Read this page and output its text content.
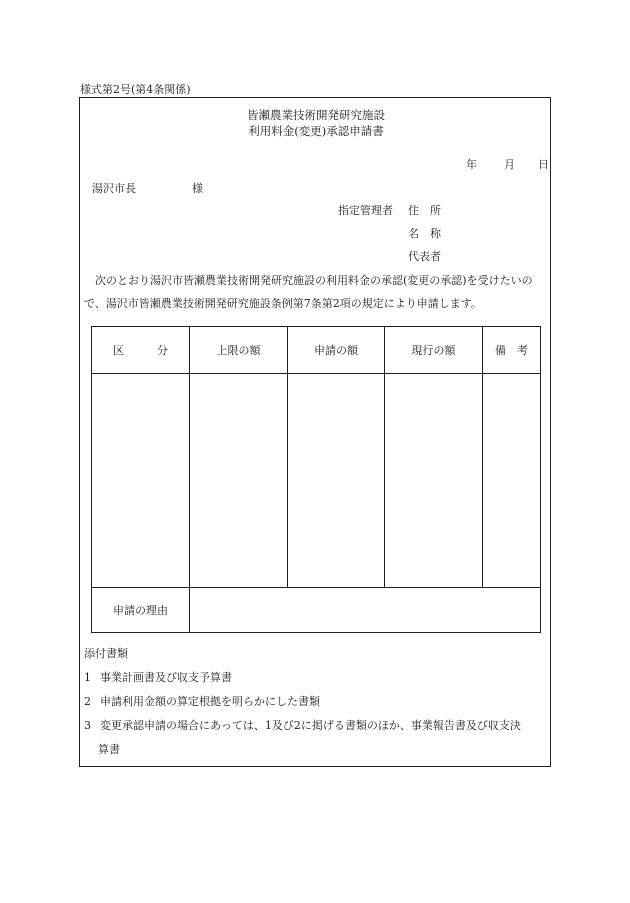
様式第2号(第4条関係)
皆瀬農業技術開発研究施設
利用料金(変更)承認申請書
年 月 日
湯沢市長	様
指定管理者 住　所
名　称
代表者
次のとおり湯沢市皆瀬農業技術開発研究施設の利用料金の承認(変更の承認)を受けたいので、湯沢市皆瀬農業技術開発研究施設条例第7条第2項の規定により申請します。
区　　　分	上限の額	申請の額	現行の額	備　考

申請の理由				
添付書類
1 事業計画書及び収支予算書
2 申請利用金額の算定根拠を明らかにした書類
3 変更承認申請の場合にあっては、1及び2に掲げる書類のほか、事業報告書及び収支決
算書
